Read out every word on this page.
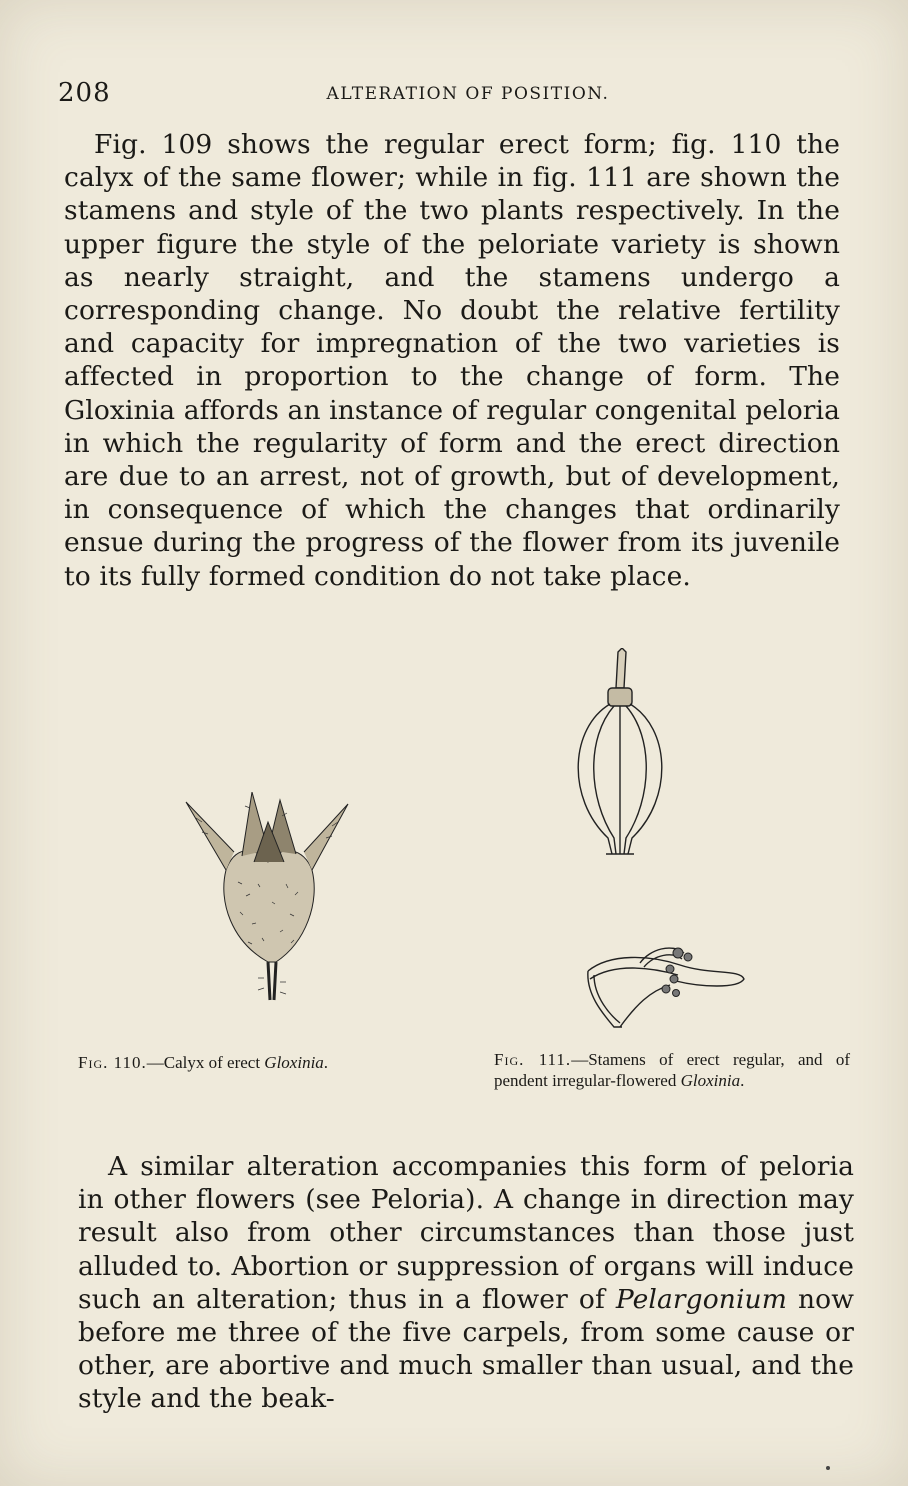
208	ALTERATION OF POSITION.

Fig. 109 shows the regular erect form; fig. 110 the calyx of the same flower; while in fig. 111 are shown the stamens and style of the two plants respectively. In the upper figure the style of the peloriate variety is shown as nearly straight, and the stamens undergo a corresponding change. No doubt the relative fertility and capacity for impregnation of the two varieties is affected in proportion to the change of form. The Gloxinia affords an instance of regular congenital peloria in which the regularity of form and the erect direction are due to an arrest, not of growth, but of development, in consequence of which the changes that ordinarily ensue during the progress of the flower from its juvenile to its fully formed condition do not take place.

Fig. 110.—Calyx of erect Gloxinia.	Fig. 111.—Stamens of erect regular, and of pendent irregular-flowered Gloxinia.

A similar alteration accompanies this form of peloria in other flowers (see Peloria). A change in direction may result also from other circumstances than those just alluded to. Abortion or suppression of organs will induce such an alteration; thus in a flower of Pelargonium now before me three of the five carpels, from some cause or other, are abortive and much smaller than usual, and the style and the beak-
